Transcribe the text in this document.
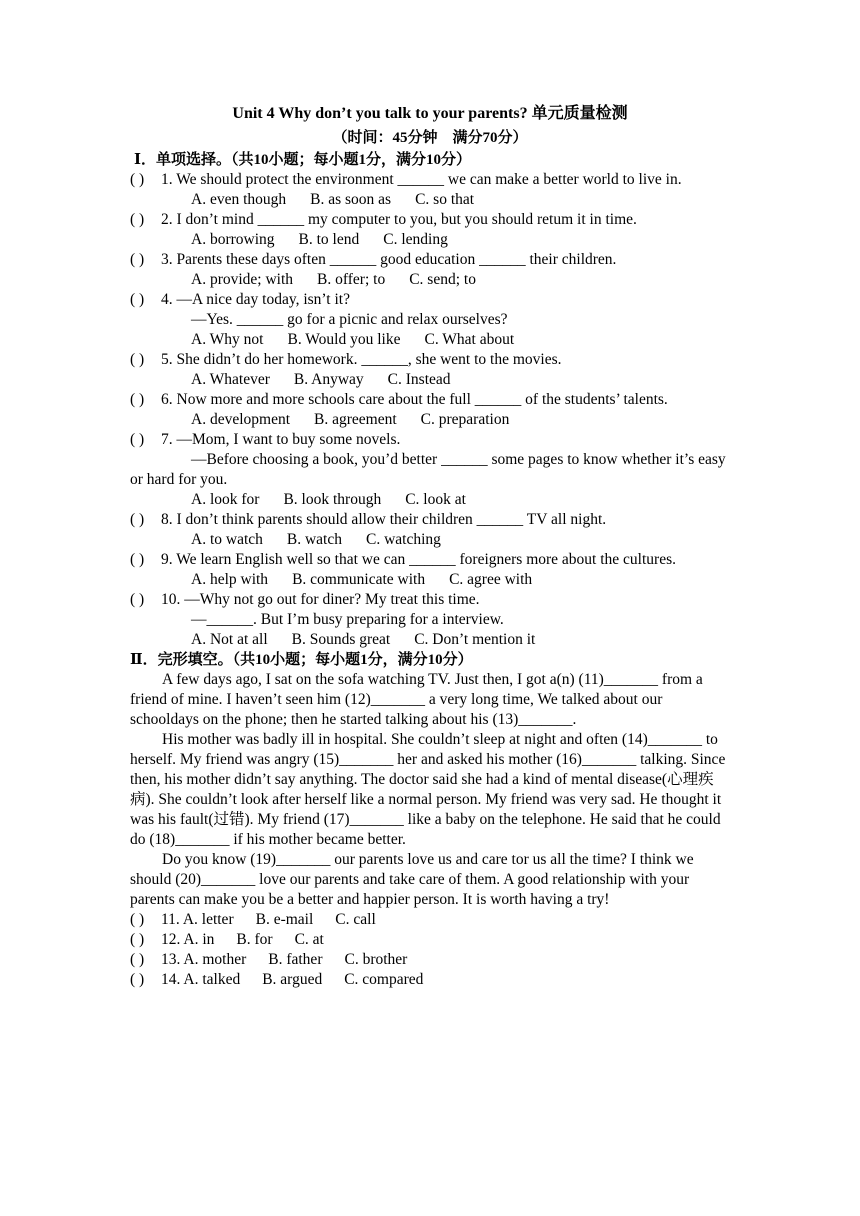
Unit 4 Why don’t you talk to your parents? 单元质量检测
（时间：45分钟　满分70分）
Ⅰ．单项选择。（共10小题；每小题1分，满分10分）
( ) 1. We should protect the environment ______ we can make a better world to live in.
A. even though B. as soon as C. so that
( ) 2. I don’t mind ______ my computer to you, but you should retum it in time.
A. borrowing B. to lend C. lending
( ) 3. Parents these days often ______ good education ______ their children.
A. provide; with B. offer; to C. send; to
( ) 4. —A nice day today, isn’t it?
—Yes. ______ go for a picnic and relax ourselves?
A. Why not B. Would you like C. What about
( ) 5. She didn’t do her homework. ______, she went to the movies.
A. Whatever B. Anyway C. Instead
( ) 6. Now more and more schools care about the full ______ of the students’ talents.
A. development B. agreement C. preparation
( ) 7. —Mom, I want to buy some novels.
—Before choosing a book, you’d better ______ some pages to know whether it’s easy or hard for you.
A. look for B. look through C. look at
( ) 8. I don’t think parents should allow their children ______ TV all night.
A. to watch B. watch C. watching
( ) 9. We learn English well so that we can ______ foreigners more about the cultures.
A. help with B. communicate with C. agree with
( ) 10. —Why not go out for diner? My treat this time.
—______. But I’m busy preparing for a interview.
A. Not at all B. Sounds great C. Don’t mention it
Ⅱ．完形填空。（共10小题；每小题1分，满分10分）
A few days ago, I sat on the sofa watching TV. Just then, I got a(n) (11)_______ from a friend of mine. I haven’t seen him (12)_______ a very long time, We talked about our schooldays on the phone; then he started talking about his (13)_______.
His mother was badly ill in hospital. She couldn’t sleep at night and often (14)_______ to herself. My friend was angry (15)_______ her and asked his mother (16)_______ talking. Since then, his mother didn’t say anything. The doctor said she had a kind of mental disease(心理疾病). She couldn’t look after herself like a normal person. My friend was very sad. He thought it was his fault(过错). My friend (17)_______ like a baby on the telephone. He said that he could do (18)_______ if his mother became better.
Do you know (19)_______ our parents love us and care tor us all the time? I think we should (20)_______ love our parents and take care of them. A good relationship with your parents can make you be a better and happier person. It is worth having a try!
( ) 11. A. letter B. e-mail C. call
( ) 12. A. in B. for C. at
( ) 13. A. mother B. father C. brother
( ) 14. A. talked B. argued C. compared
